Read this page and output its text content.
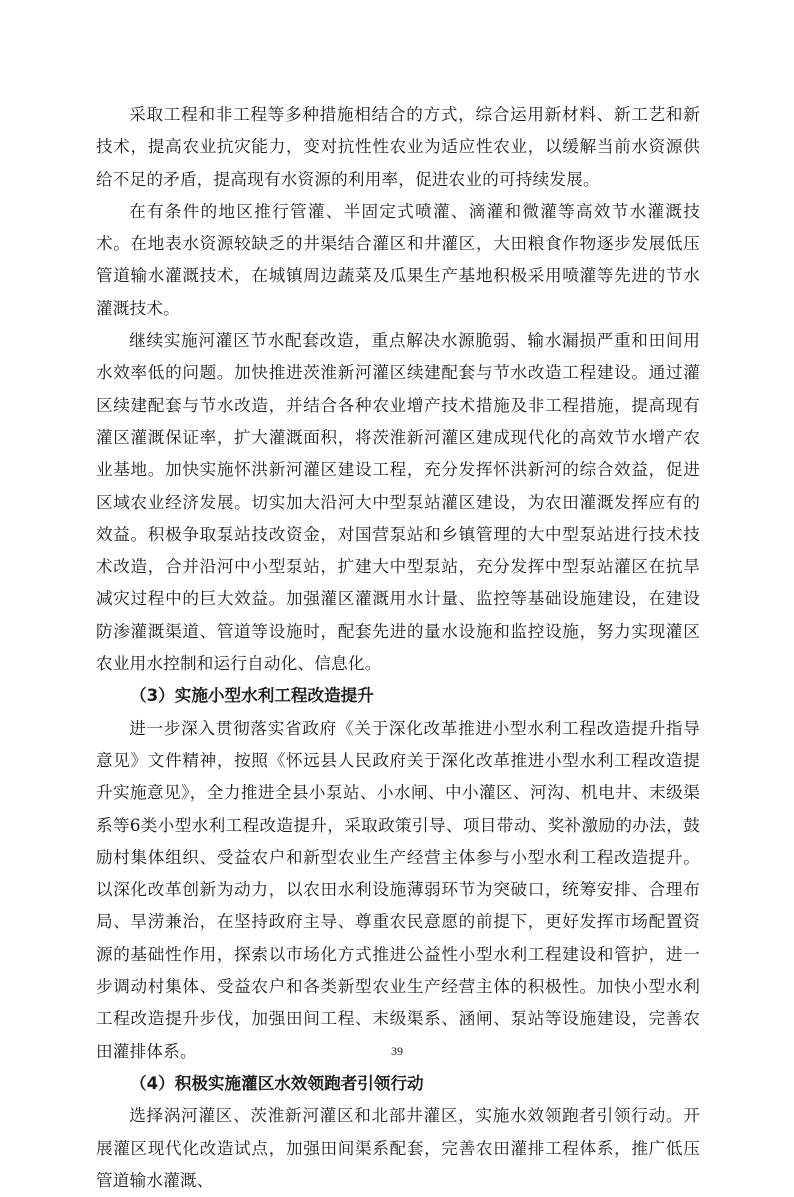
采取工程和非工程等多种措施相结合的方式，综合运用新材料、新工艺和新技术，提高农业抗灾能力，变对抗性性农业为适应性农业，以缓解当前水资源供给不足的矛盾，提高现有水资源的利用率，促进农业的可持续发展。

在有条件的地区推行管灌、半固定式喷灌、滴灌和微灌等高效节水灌溉技术。在地表水资源较缺乏的井渠结合灌区和井灌区，大田粮食作物逐步发展低压管道输水灌溉技术，在城镇周边蔬菜及瓜果生产基地积极采用喷灌等先进的节水灌溉技术。

继续实施河灌区节水配套改造，重点解决水源脆弱、输水漏损严重和田间用水效率低的问题。加快推进茨淮新河灌区续建配套与节水改造工程建设。通过灌区续建配套与节水改造，并结合各种农业增产技术措施及非工程措施，提高现有灌区灌溉保证率，扩大灌溉面积，将茨淮新河灌区建成现代化的高效节水增产农业基地。加快实施怀洪新河灌区建设工程，充分发挥怀洪新河的综合效益，促进区域农业经济发展。切实加大沿河大中型泵站灌区建设，为农田灌溉发挥应有的效益。积极争取泵站技改资金，对国营泵站和乡镇管理的大中型泵站进行技术技术改造，合并沿河中小型泵站，扩建大中型泵站，充分发挥中型泵站灌区在抗旱减灾过程中的巨大效益。加强灌区灌溉用水计量、监控等基础设施建设，在建设防渗灌溉渠道、管道等设施时，配套先进的量水设施和监控设施，努力实现灌区农业用水控制和运行自动化、信息化。

（3）实施小型水利工程改造提升

进一步深入贯彻落实省政府《关于深化改革推进小型水利工程改造提升指导意见》文件精神，按照《怀远县人民政府关于深化改革推进小型水利工程改造提升实施意见》，全力推进全县小泵站、小水闸、中小灌区、河沟、机电井、末级渠系等6类小型水利工程改造提升，采取政策引导、项目带动、奖补激励的办法，鼓励村集体组织、受益农户和新型农业生产经营主体参与小型水利工程改造提升。以深化改革创新为动力，以农田水利设施薄弱环节为突破口，统筹安排、合理布局、旱涝兼治，在坚持政府主导、尊重农民意愿的前提下，更好发挥市场配置资源的基础性作用，探索以市场化方式推进公益性小型水利工程建设和管护，进一步调动村集体、受益农户和各类新型农业生产经营主体的积极性。加快小型水利工程改造提升步伐，加强田间工程、末级渠系、涵闸、泵站等设施建设，完善农田灌排体系。

（4）积极实施灌区水效领跑者引领行动

选择涡河灌区、茨淮新河灌区和北部井灌区，实施水效领跑者引领行动。开展灌区现代化改造试点，加强田间渠系配套，完善农田灌排工程体系，推广低压管道输水灌溉、

39
